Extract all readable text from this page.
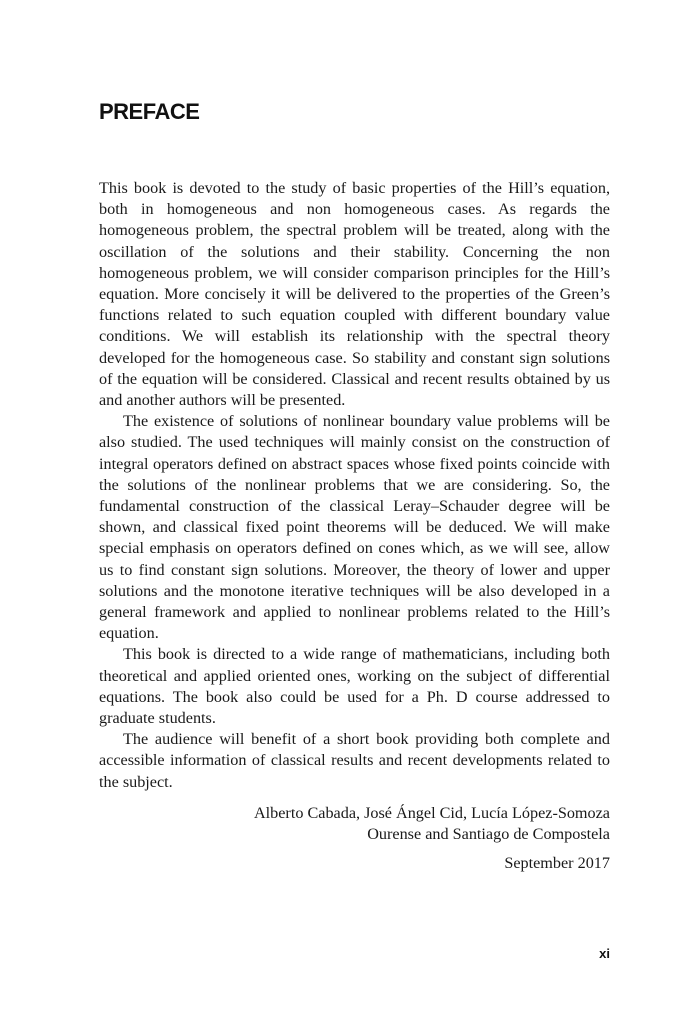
PREFACE

This book is devoted to the study of basic properties of the Hill’s equation, both in homogeneous and non homogeneous cases. As regards the homogeneous problem, the spectral problem will be treated, along with the oscillation of the solutions and their stability. Concerning the non homogeneous problem, we will consider comparison principles for the Hill’s equation. More concisely it will be delivered to the properties of the Green’s functions related to such equation coupled with different boundary value conditions. We will establish its relationship with the spectral theory developed for the homogeneous case. So stability and constant sign solutions of the equation will be considered. Classical and recent results obtained by us and another authors will be presented.

The existence of solutions of nonlinear boundary value problems will be also studied. The used techniques will mainly consist on the construction of integral operators defined on abstract spaces whose fixed points coincide with the solutions of the nonlinear problems that we are considering. So, the fundamental construction of the classical Leray–Schauder degree will be shown, and classical fixed point theorems will be deduced. We will make special emphasis on operators defined on cones which, as we will see, allow us to find constant sign solutions. Moreover, the theory of lower and upper solutions and the monotone iterative techniques will be also developed in a general framework and applied to nonlinear problems related to the Hill’s equation.

This book is directed to a wide range of mathematicians, including both theoretical and applied oriented ones, working on the subject of differential equations. The book also could be used for a Ph. D course addressed to graduate students.

The audience will benefit of a short book providing both complete and accessible information of classical results and recent developments related to the subject.

Alberto Cabada, José Ángel Cid, Lucía López-Somoza
Ourense and Santiago de Compostela
September 2017
xi
